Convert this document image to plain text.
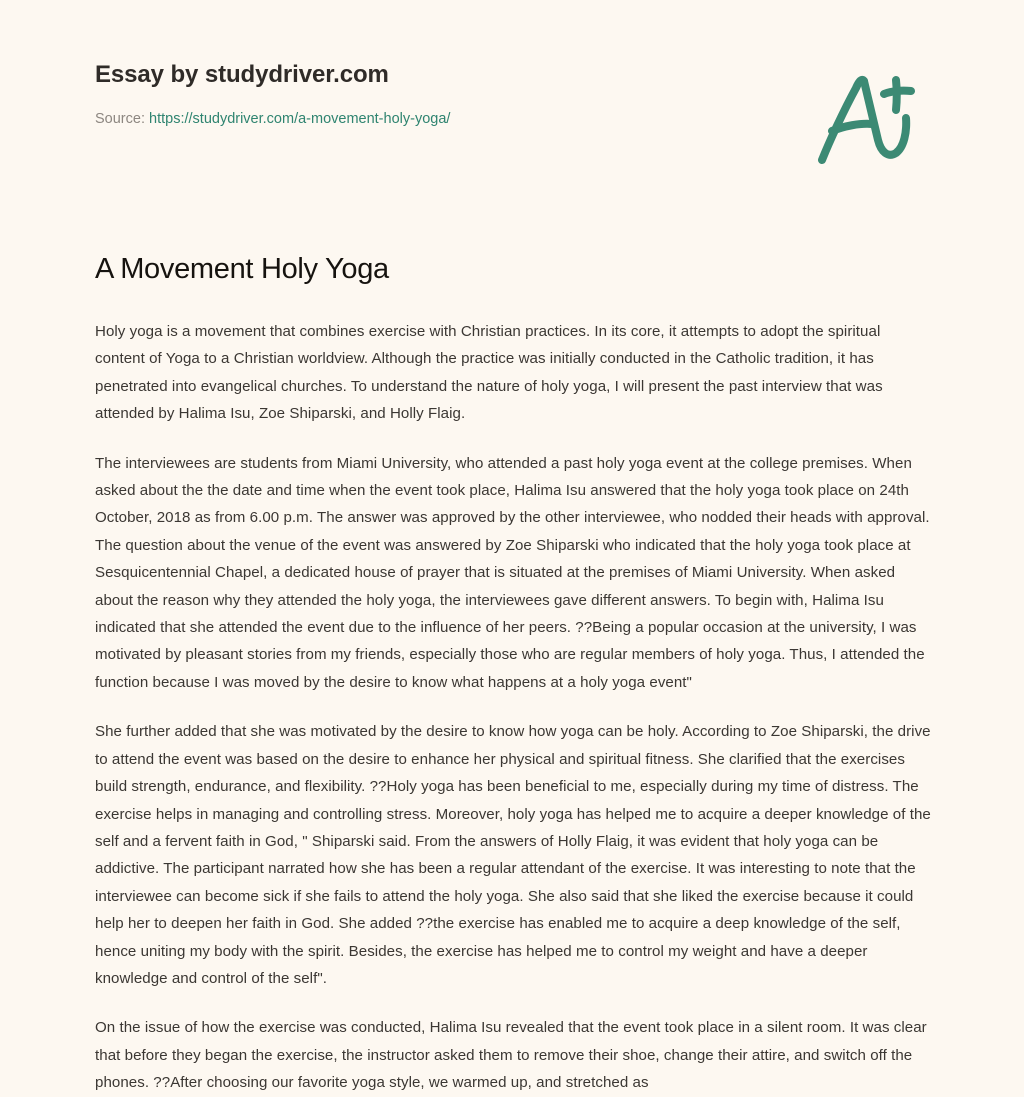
Essay by studydriver.com
Source: https://studydriver.com/a-movement-holy-yoga/
A Movement Holy Yoga

Holy yoga is a movement that combines exercise with Christian practices. In its core, it attempts to adopt the spiritual content of Yoga to a Christian worldview. Although the practice was initially conducted in the Catholic tradition, it has penetrated into evangelical churches. To understand the nature of holy yoga, I will present the past interview that was attended by Halima Isu, Zoe Shiparski, and Holly Flaig.

The interviewees are students from Miami University, who attended a past holy yoga event at the college premises. When asked about the the date and time when the event took place, Halima Isu answered that the holy yoga took place on 24th October, 2018 as from 6.00 p.m. The answer was approved by the other interviewee, who nodded their heads with approval. The question about the venue of the event was answered by Zoe Shiparski who indicated that the holy yoga took place at Sesquicentennial Chapel, a dedicated house of prayer that is situated at the premises of Miami University. When asked about the reason why they attended the holy yoga, the interviewees gave different answers. To begin with, Halima Isu indicated that she attended the event due to the influence of her peers. ??Being a popular occasion at the university, I was motivated by pleasant stories from my friends, especially those who are regular members of holy yoga. Thus, I attended the function because I was moved by the desire to know what happens at a holy yoga event"

She further added that she was motivated by the desire to know how yoga can be holy. According to Zoe Shiparski, the drive to attend the event was based on the desire to enhance her physical and spiritual fitness. She clarified that the exercises build strength, endurance, and flexibility. ??Holy yoga has been beneficial to me, especially during my time of distress. The exercise helps in managing and controlling stress. Moreover, holy yoga has helped me to acquire a deeper knowledge of the self and a fervent faith in God, " Shiparski said. From the answers of Holly Flaig, it was evident that holy yoga can be addictive. The participant narrated how she has been a regular attendant of the exercise. It was interesting to note that the interviewee can become sick if she fails to attend the holy yoga. She also said that she liked the exercise because it could help her to deepen her faith in God. She added ??the exercise has enabled me to acquire a deep knowledge of the self, hence uniting my body with the spirit. Besides, the exercise has helped me to control my weight and have a deeper knowledge and control of the self".

On the issue of how the exercise was conducted, Halima Isu revealed that the event took place in a silent room. It was clear that before they began the exercise, the instructor asked them to remove their shoe, change their attire, and switch off the phones. ??After choosing our favorite yoga style, we warmed up, and stretched as
